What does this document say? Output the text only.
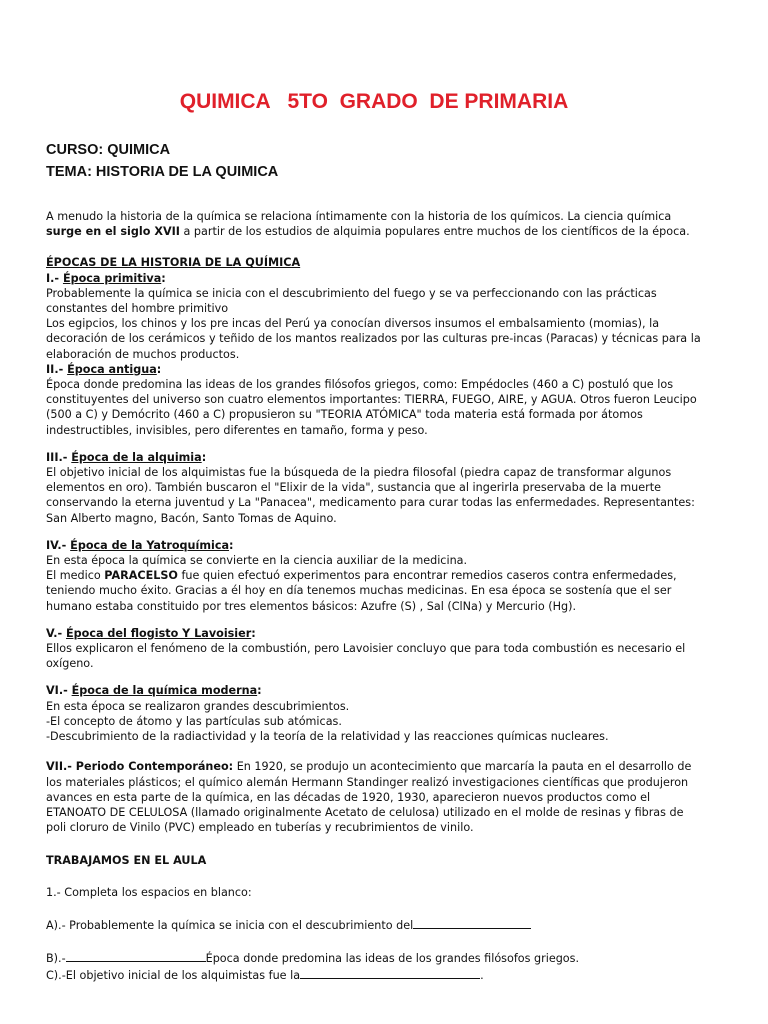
QUIMICA   5TO  GRADO  DE PRIMARIA

CURSO: QUIMICA

TEMA: HISTORIA DE LA QUIMICA

A menudo la historia de la química se relaciona íntimamente con la historia de los químicos. La ciencia química surge en el siglo XVII a partir de los estudios de alquimia populares entre muchos de los científicos de la época.

ÉPOCAS DE LA HISTORIA DE LA QUÍMICA

I.- Época primitiva:

Probablemente la química se inicia con el descubrimiento del fuego y se va perfeccionando con las prácticas constantes del hombre primitivo

Los egipcios, los chinos y los pre incas del Perú ya conocían diversos insumos el embalsamiento (momias), la decoración de los cerámicos y teñido de los mantos realizados por las culturas pre-incas (Paracas) y técnicas para la elaboración de muchos productos.

II.- Época antigua:

Época donde predomina las ideas de los grandes filósofos griegos, como: Empédocles (460 a C) postuló que los constituyentes del universo son cuatro elementos importantes: TIERRA, FUEGO, AIRE, y AGUA. Otros fueron Leucipo (500 a C) y Demócrito (460 a C) propusieron su "TEORIA ATÓMICA" toda materia está formada por átomos indestructibles, invisibles, pero diferentes en tamaño, forma y peso.

III.- Época de la alquimia:

El objetivo inicial de los alquimistas fue la búsqueda de la piedra filosofal (piedra capaz de transformar algunos elementos en oro). También buscaron el "Elixir de la vida", sustancia que al ingerirla preservaba de la muerte conservando la eterna juventud y La "Panacea", medicamento para curar todas las enfermedades. Representantes: San Alberto magno, Bacón, Santo Tomas de Aquino.

IV.- Época de la Yatroquímica:

En esta época la química se convierte en la ciencia auxiliar de la medicina.

El medico PARACELSO fue quien efectuó experimentos para encontrar remedios caseros contra enfermedades, teniendo mucho éxito. Gracias a él hoy en día tenemos muchas medicinas. En esa época se sostenía que el ser humano estaba constituido por tres elementos básicos: Azufre (S) , Sal (ClNa) y Mercurio (Hg).

V.- Época del flogisto Y Lavoisier:

Ellos explicaron el fenómeno de la combustión, pero Lavoisier concluyo que para toda combustión es necesario el oxígeno.

VI.- Época de la química moderna:

En esta época se realizaron grandes descubrimientos.

-El concepto de átomo y las partículas sub atómicas.

-Descubrimiento de la radiactividad y la teoría de la relatividad y las reacciones químicas nucleares.

VII.- Periodo Contemporáneo: En 1920, se produjo un acontecimiento que marcaría la pauta en el desarrollo de los materiales plásticos; el químico alemán Hermann Standinger realizó investigaciones científicas que produjeron avances en esta parte de la química, en las décadas de 1920, 1930, aparecieron nuevos productos como el ETANOATO DE CELULOSA (llamado originalmente Acetato de celulosa) utilizado en el molde de resinas y fibras de poli cloruro de Vinilo (PVC) empleado en tuberías y recubrimientos de vinilo.

TRABAJAMOS EN EL AULA

1.- Completa los espacios en blanco:

A).- Probablemente la química se inicia con el descubrimiento del

B).-	Época donde predomina las ideas de los grandes filósofos griegos.

C).-El objetivo inicial de los alquimistas fue la	.
